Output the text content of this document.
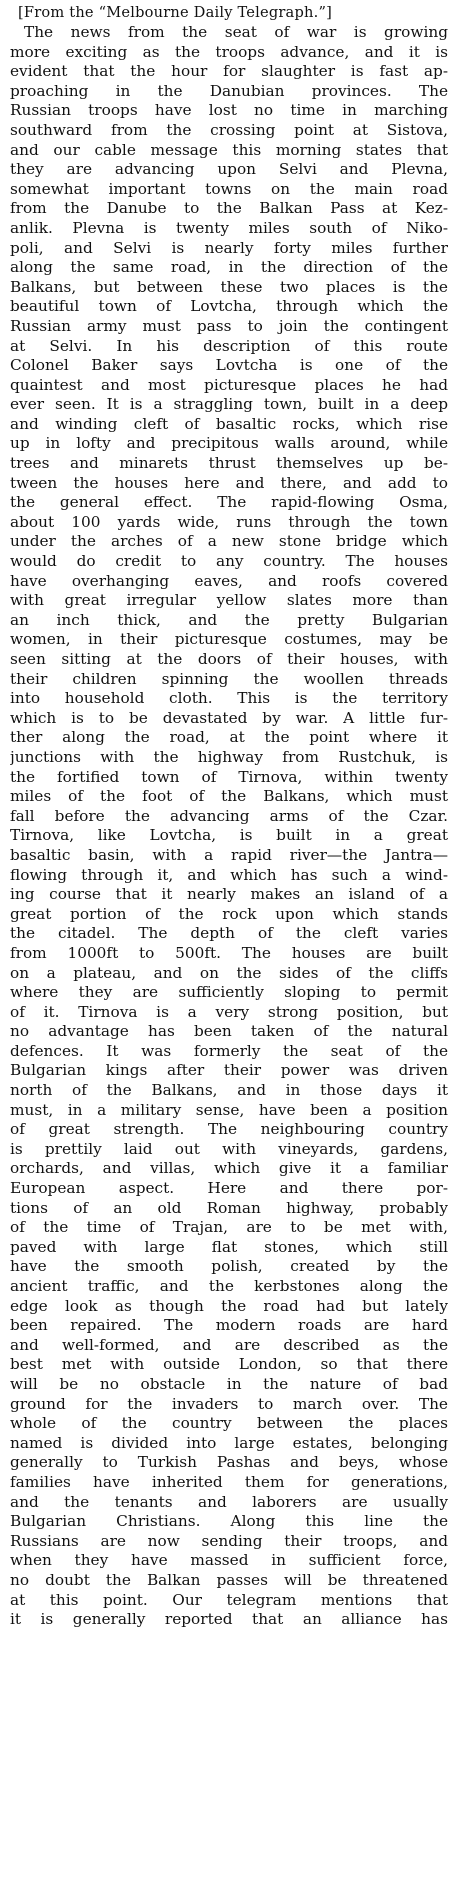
[From the “Melbourne Daily Telegraph.”]
The news from the seat of war is growing
more exciting as the troops advance, and it is
evident that the hour for slaughter is fast ap-
proaching in the Danubian provinces. The
Russian troops have lost no time in marching
southward from the crossing point at Sistova,
and our cable message this morning states that
they are advancing upon Selvi and Plevna,
somewhat important towns on the main road
from the Danube to the Balkan Pass at Kez-
anlik. Plevna is twenty miles south of Niko-
poli, and Selvi is nearly forty miles further
along the same road, in the direction of the
Balkans, but between these two places is the
beautiful town of Lovtcha, through which the
Russian army must pass to join the contingent
at Selvi. In his description of this route
Colonel Baker says Lovtcha is one of the
quaintest and most picturesque places he had
ever seen. It is a straggling town, built in a deep
and winding cleft of basaltic rocks, which rise
up in lofty and precipitous walls around, while
trees and minarets thrust themselves up be-
tween the houses here and there, and add to
the general effect. The rapid-flowing Osma,
about 100 yards wide, runs through the town
under the arches of a new stone bridge which
would do credit to any country. The houses
have overhanging eaves, and roofs covered
with great irregular yellow slates more than
an inch thick, and the pretty Bulgarian
women, in their picturesque costumes, may be
seen sitting at the doors of their houses, with
their children spinning the woollen threads
into household cloth. This is the territory
which is to be devastated by war. A little fur-
ther along the road, at the point where it
junctions with the highway from Rustchuk, is
the fortified town of Tirnova, within twenty
miles of the foot of the Balkans, which must
fall before the advancing arms of the Czar.
Tirnova, like Lovtcha, is built in a great
basaltic basin, with a rapid river—the Jantra—
flowing through it, and which has such a wind-
ing course that it nearly makes an island of a
great portion of the rock upon which stands
the citadel. The depth of the cleft varies
from 1000ft to 500ft. The houses are built
on a plateau, and on the sides of the cliffs
where they are sufficiently sloping to permit
of it. Tirnova is a very strong position, but
no advantage has been taken of the natural
defences. It was formerly the seat of the
Bulgarian kings after their power was driven
north of the Balkans, and in those days it
must, in a military sense, have been a position
of great strength. The neighbouring country
is prettily laid out with vineyards, gardens,
orchards, and villas, which give it a familiar
European aspect. Here and there por-
tions of an old Roman highway, probably
of the time of Trajan, are to be met with,
paved with large flat stones, which still
have the smooth polish, created by the
ancient traffic, and the kerbstones along the
edge look as though the road had but lately
been repaired. The modern roads are hard
and well-formed, and are described as the
best met with outside London, so that there
will be no obstacle in the nature of bad
ground for the invaders to march over. The
whole of the country between the places
named is divided into large estates, belonging
generally to Turkish Pashas and beys, whose
families have inherited them for generations,
and the tenants and laborers are usually
Bulgarian Christians. Along this line the
Russians are now sending their troops, and
when they have massed in sufficient force,
no doubt the Balkan passes will be threatened
at this point. Our telegram mentions that
it is generally reported that an alliance has
